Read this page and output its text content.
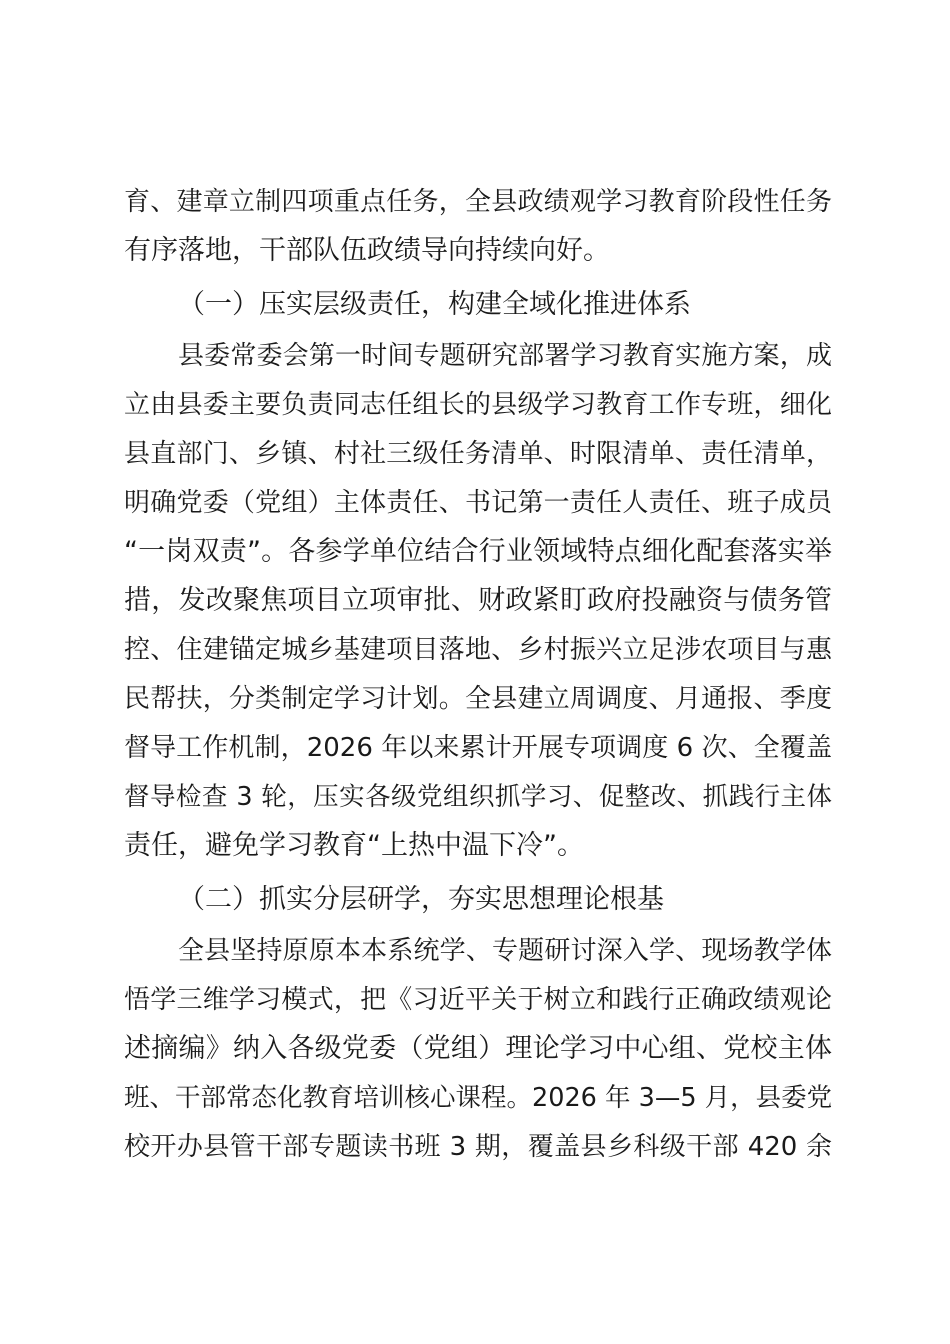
育、建章立制四项重点任务，全县政绩观学习教育阶段性任务
有序落地，干部队伍政绩导向持续向好。
（一）压实层级责任，构建全域化推进体系
县委常委会第一时间专题研究部署学习教育实施方案，成
立由县委主要负责同志任组长的县级学习教育工作专班，细化
县直部门、乡镇、村社三级任务清单、时限清单、责任清单，
明确党委（党组）主体责任、书记第一责任人责任、班子成员
“一岗双责”。各参学单位结合行业领域特点细化配套落实举
措，发改聚焦项目立项审批、财政紧盯政府投融资与债务管
控、住建锚定城乡基建项目落地、乡村振兴立足涉农项目与惠
民帮扶，分类制定学习计划。全县建立周调度、月通报、季度
督导工作机制，2026 年以来累计开展专项调度 6 次、全覆盖
督导检查 3 轮，压实各级党组织抓学习、促整改、抓践行主体
责任，避免学习教育“上热中温下冷”。
（二）抓实分层研学，夯实思想理论根基
全县坚持原原本本系统学、专题研讨深入学、现场教学体
悟学三维学习模式，把《习近平关于树立和践行正确政绩观论
述摘编》纳入各级党委（党组）理论学习中心组、党校主体
班、干部常态化教育培训核心课程。2026 年 3—5 月，县委党
校开办县管干部专题读书班 3 期，覆盖县乡科级干部 420 余
